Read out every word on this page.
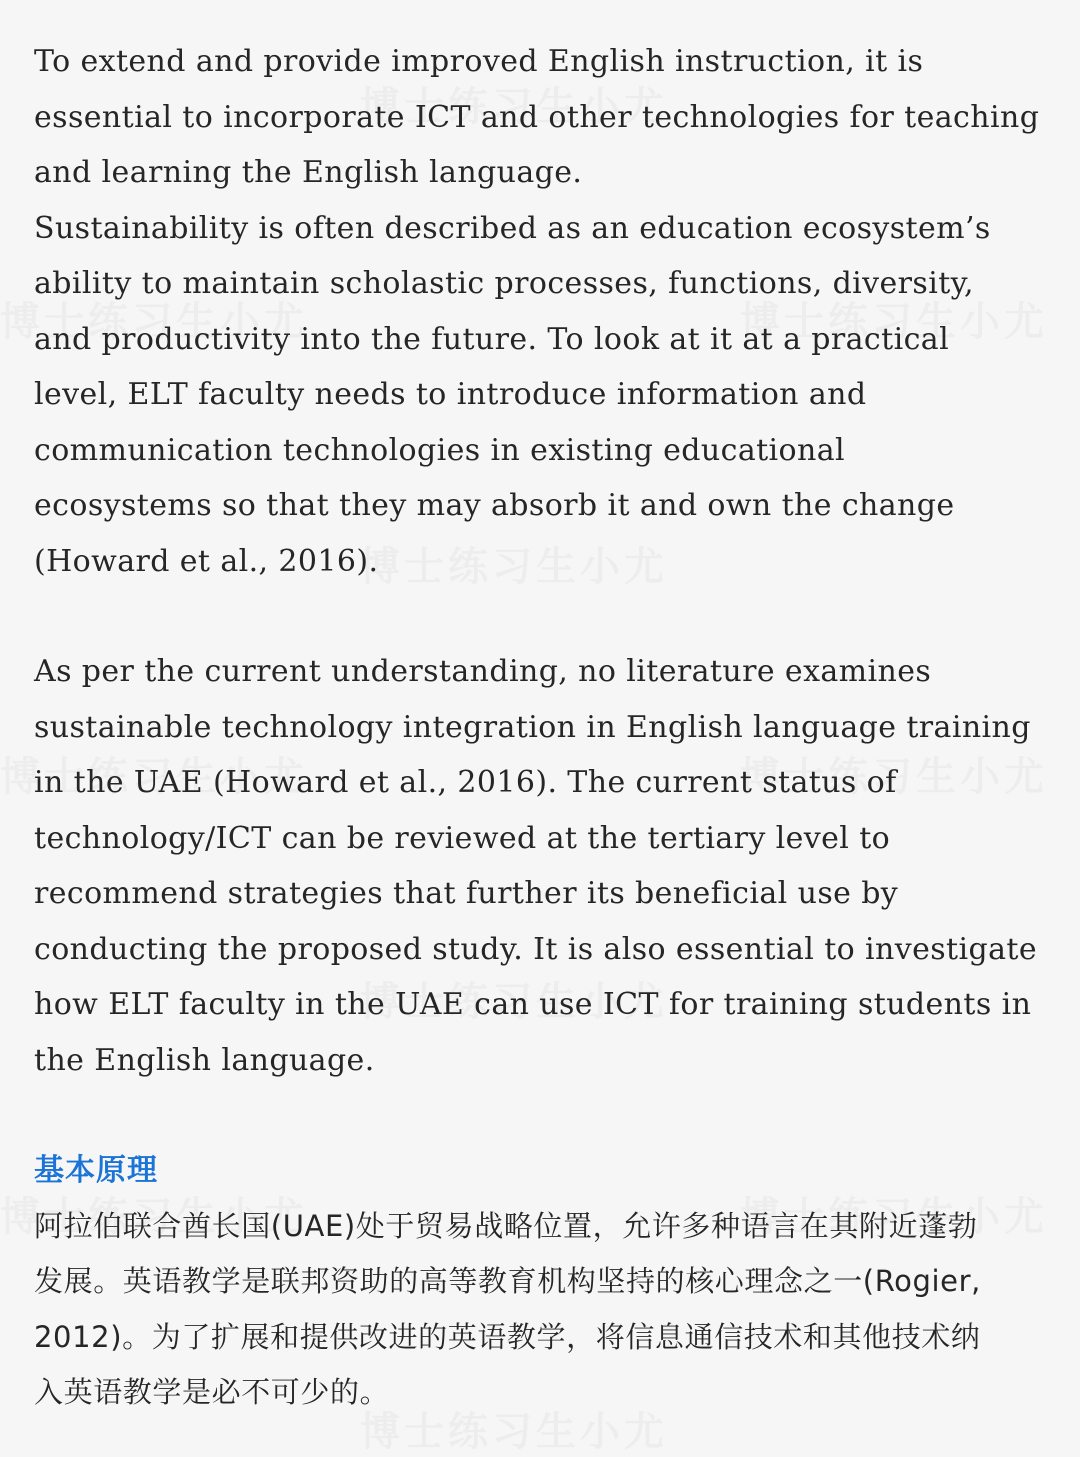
To extend and provide improved English instruction, it is
essential to incorporate ICT and other technologies for teaching
and learning the English language.
Sustainability is often described as an education ecosystem’s
ability to maintain scholastic processes, functions, diversity,
and productivity into the future. To look at it at a practical
level, ELT faculty needs to introduce information and
communication technologies in existing educational
ecosystems so that they may absorb it and own the change
(Howard et al., 2016).

As per the current understanding, no literature examines
sustainable technology integration in English language training
in the UAE (Howard et al., 2016). The current status of
technology/ICT can be reviewed at the tertiary level to
recommend strategies that further its beneficial use by
conducting the proposed study. It is also essential to investigate
how ELT faculty in the UAE can use ICT for training students in
the English language.

基本原理

阿拉伯联合酋长国(UAE)处于贸易战略位置，允许多种语言在其附近蓬勃
发展。英语教学是联邦资助的高等教育机构坚持的核心理念之一(Rogier,
2012)。为了扩展和提供改进的英语教学，将信息通信技术和其他技术纳
入英语教学是必不可少的。
